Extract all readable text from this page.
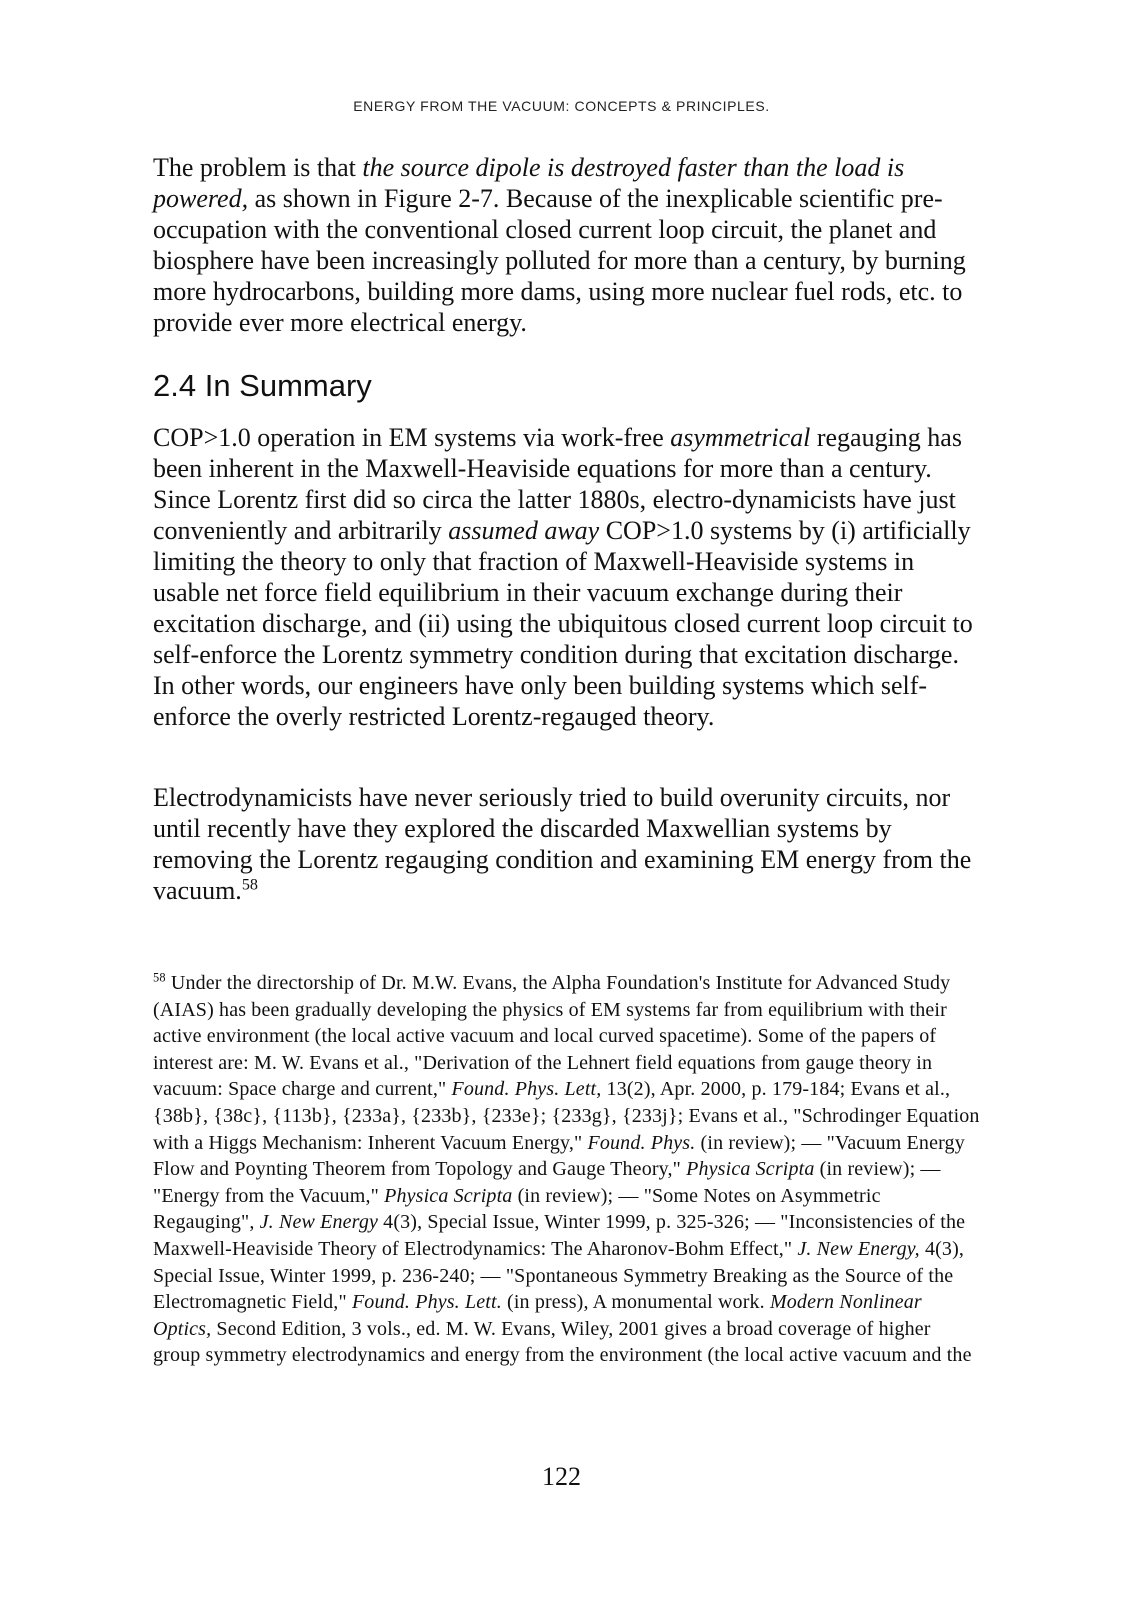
ENERGY FROM THE VACUUM: CONCEPTS & PRINCIPLES.

The problem is that the source dipole is destroyed faster than the load is powered, as shown in Figure 2-7. Because of the inexplicable scientific pre-occupation with the conventional closed current loop circuit, the planet and biosphere have been increasingly polluted for more than a century, by burning more hydrocarbons, building more dams, using more nuclear fuel rods, etc. to provide ever more electrical energy.

2.4 In Summary

COP>1.0 operation in EM systems via work-free asymmetrical regauging has been inherent in the Maxwell-Heaviside equations for more than a century. Since Lorentz first did so circa the latter 1880s, electro-dynamicists have just conveniently and arbitrarily assumed away COP>1.0 systems by (i) artificially limiting the theory to only that fraction of Maxwell-Heaviside systems in usable net force field equilibrium in their vacuum exchange during their excitation discharge, and (ii) using the ubiquitous closed current loop circuit to self-enforce the Lorentz symmetry condition during that excitation discharge. In other words, our engineers have only been building systems which self-enforce the overly restricted Lorentz-regauged theory.

Electrodynamicists have never seriously tried to build overunity circuits, nor until recently have they explored the discarded Maxwellian systems by removing the Lorentz regauging condition and examining EM energy from the vacuum.$^{58}$

$^{58}$ Under the directorship of Dr. M.W. Evans, the Alpha Foundation's Institute for Advanced Study (AIAS) has been gradually developing the physics of EM systems far from equilibrium with their active environment (the local active vacuum and local curved spacetime). Some of the papers of interest are: M. W. Evans et al., "Derivation of the Lehnert field equations from gauge theory in vacuum: Space charge and current," Found. Phys. Lett, 13(2), Apr. 2000, p. 179-184; Evans et al., {38b}, {38c}, {113b}, {233a}, {233b}, {233e}; {233g}, {233j}; Evans et al., "Schrodinger Equation with a Higgs Mechanism: Inherent Vacuum Energy," Found. Phys. (in review); — "Vacuum Energy Flow and Poynting Theorem from Topology and Gauge Theory," Physica Scripta (in review); — "Energy from the Vacuum," Physica Scripta (in review); — "Some Notes on Asymmetric Regauging", J. New Energy 4(3), Special Issue, Winter 1999, p. 325-326; — "Inconsistencies of the Maxwell-Heaviside Theory of Electrodynamics: The Aharonov-Bohm Effect," J. New Energy, 4(3), Special Issue, Winter 1999, p. 236-240; — "Spontaneous Symmetry Breaking as the Source of the Electromagnetic Field," Found. Phys. Lett. (in press), A monumental work. Modern Nonlinear Optics, Second Edition, 3 vols., ed. M. W. Evans, Wiley, 2001 gives a broad coverage of higher group symmetry electrodynamics and energy from the environment (the local active vacuum and the

122
